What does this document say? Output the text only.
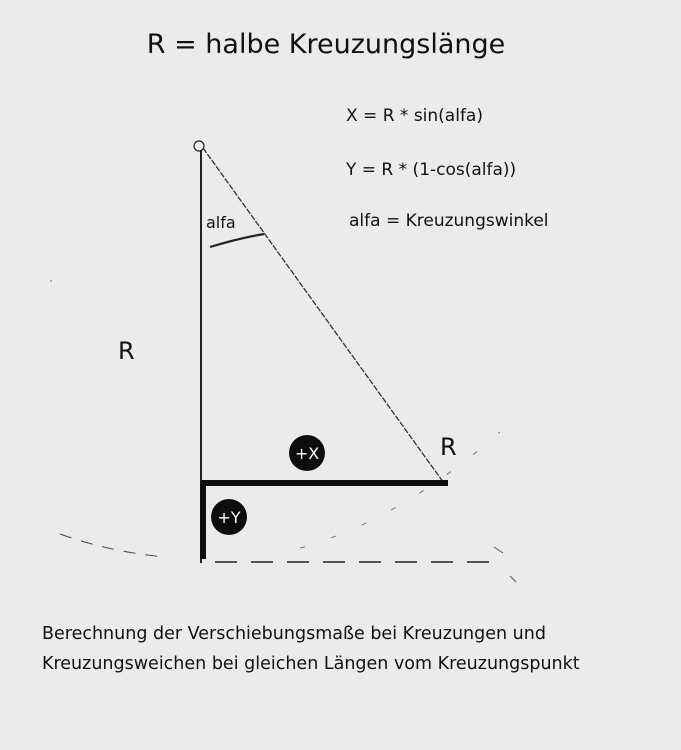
R = halbe Kreuzungslänge
X = R * sin(alfa)
Y = R * (1-cos(alfa))
alfa = Kreuzungswinkel
alfa
R
R
+X
+Y
Berechnung der Verschiebungsmaße bei Kreuzungen und
Kreuzungsweichen bei gleichen Längen vom Kreuzungspunkt
